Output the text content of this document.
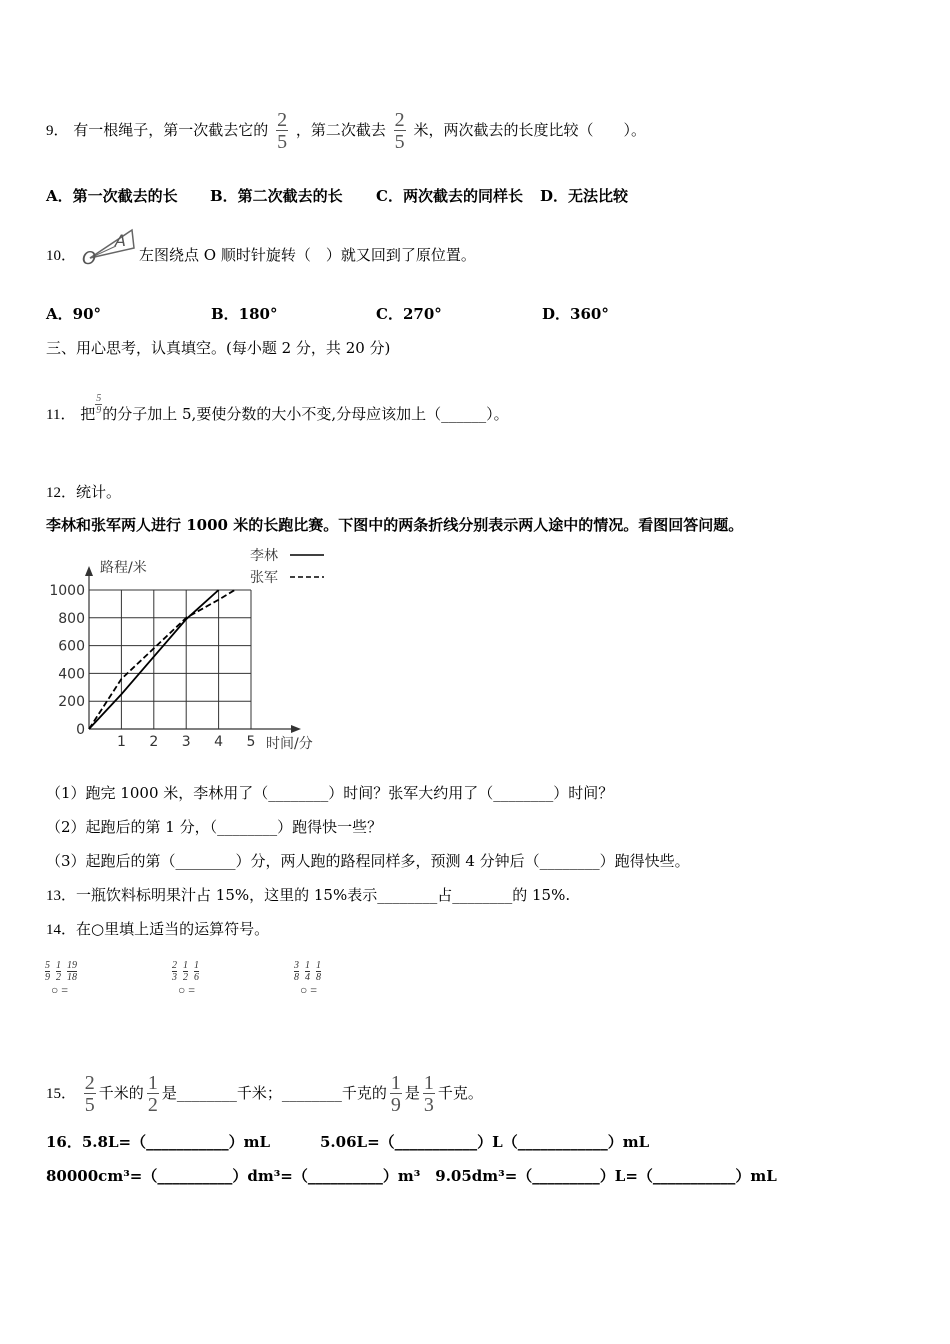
9． 有一根绳子，第一次截去它的 $\frac{2}{5}$ ，第二次截去 $\frac{2}{5}$ 米，两次截去的长度比较（　　）。
A．第一次截去的长 B．第二次截去的长 C．两次截去的同样长 D．无法比较
10． O
A
左图绕点 O 顺时针旋转（　）就又回到了原位置。
A．90°	B．180°	C．270°	D．360°
三、用心思考，认真填空。(每小题 2 分，共 20 分)
11． 把 $\frac{5}{9}$ 的分子加上 5,要使分数的大小不变,分母应该加上（______）。
12．统计。
李林和张军两人进行 1000 米的长跑比赛。下图中的两条折线分别表示两人途中的情况。看图回答问题。
0
200
400
600
800
1000
1 2 3 4 5
路程/米
时间/分
李林
张军
（1）跑完 1000 米，李林用了（________）时间？张军大约用了（________）时间？
（2）起跑后的第 1 分，（________）跑得快一些？
（3）起跑后的第（________）分，两人跑的路程同样多，预测 4 分钟后（________）跑得快些。
13．一瓶饮料标明果汁占 15%，这里的 15%表示________占________的 15%.
14．在○里填上适当的运算符号。
5
9
1
2
19
18
○ =
2
3
1
2
1
6
○ =
3
8
1
4
1
8
○ =
15． $\frac{2}{5}$ 千米的 $\frac{1}{2}$ 是________千米；________千克的 $\frac{1}{9}$ 是 $\frac{1}{3}$ 千克。
16．5.8L=（___________）mL	5.06L=（___________）L（____________）mL
80000cm³=（__________）dm³=（__________）m³　9.05dm³=（_________）L=（___________）mL
